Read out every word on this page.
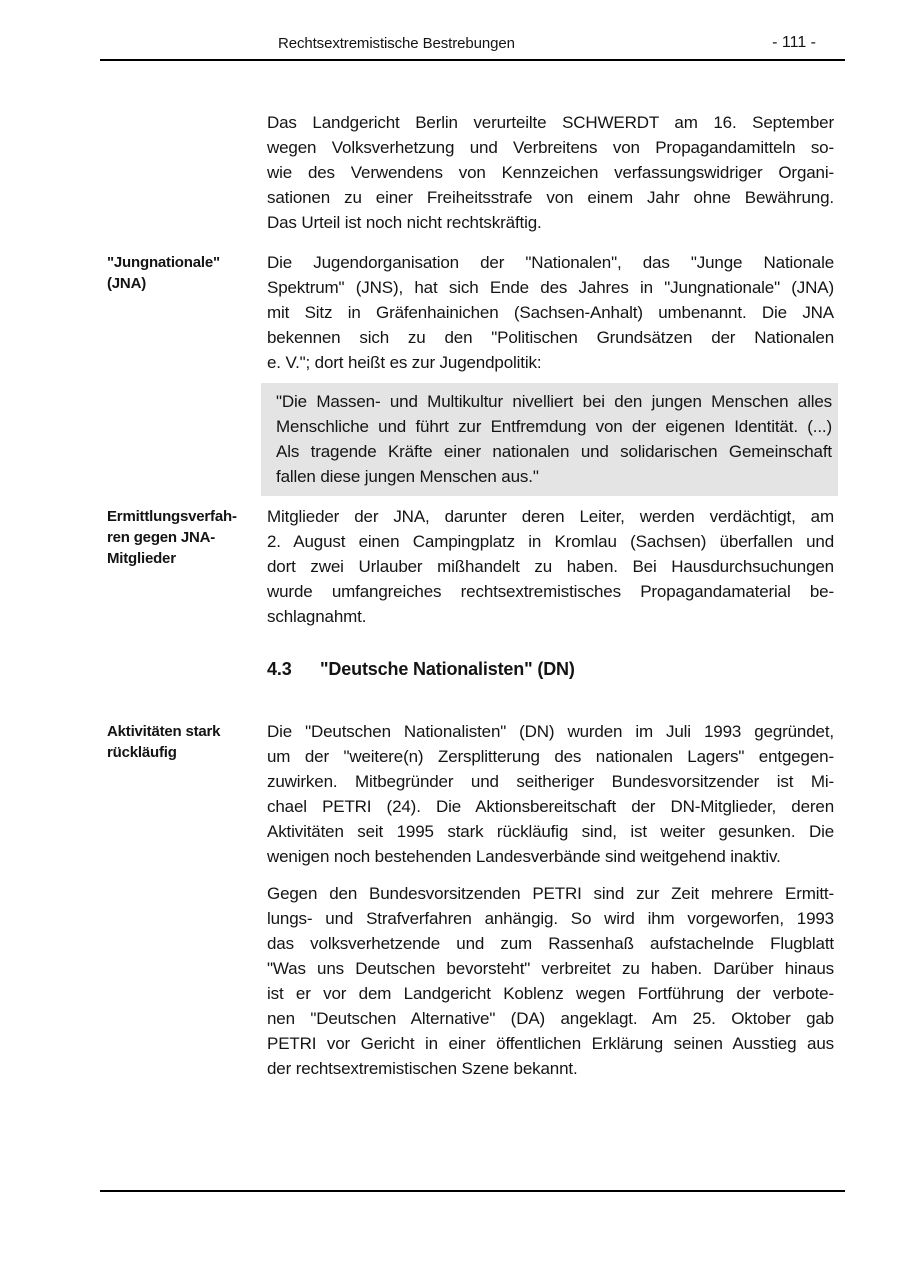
Rechtsextremistische Bestrebungen	- 111 -
Das Landgericht Berlin verurteilte SCHWERDT am 16. September
wegen Volksverhetzung und Verbreitens von Propagandamitteln so-
wie des Verwendens von Kennzeichen verfassungswidriger Organi-
sationen zu einer Freiheitsstrafe von einem Jahr ohne Bewährung.
Das Urteil ist noch nicht rechtskräftig.
"Jungnationale"
(JNA)
Die Jugendorganisation der "Nationalen", das "Junge Nationale
Spektrum" (JNS), hat sich Ende des Jahres in "Jungnationale" (JNA)
mit Sitz in Gräfenhainichen (Sachsen-Anhalt) umbenannt. Die JNA
bekennen sich zu den "Politischen Grundsätzen der Nationalen
e. V."; dort heißt es zur Jugendpolitik:
"Die Massen- und Multikultur nivelliert bei den jungen Menschen alles
Menschliche und führt zur Entfremdung von der eigenen Identität. (...)
Als tragende Kräfte einer nationalen und solidarischen Gemeinschaft
fallen diese jungen Menschen aus."
Ermittlungsverfah-
ren gegen JNA-
Mitglieder
Mitglieder der JNA, darunter deren Leiter, werden verdächtigt, am
2. August einen Campingplatz in Kromlau (Sachsen) überfallen und
dort zwei Urlauber mißhandelt zu haben. Bei Hausdurchsuchungen
wurde umfangreiches rechtsextremistisches Propagandamaterial be-
schlagnahmt.
4.3 "Deutsche Nationalisten" (DN)
Aktivitäten stark
rückläufig
Die "Deutschen Nationalisten" (DN) wurden im Juli 1993 gegründet,
um der "weitere(n) Zersplitterung des nationalen Lagers" entgegen-
zuwirken. Mitbegründer und seitheriger Bundesvorsitzender ist Mi-
chael PETRI (24). Die Aktionsbereitschaft der DN-Mitglieder, deren
Aktivitäten seit 1995 stark rückläufig sind, ist weiter gesunken. Die
wenigen noch bestehenden Landesverbände sind weitgehend inaktiv.
Gegen den Bundesvorsitzenden PETRI sind zur Zeit mehrere Ermitt-
lungs- und Strafverfahren anhängig. So wird ihm vorgeworfen, 1993
das volksverhetzende und zum Rassenhaß aufstachelnde Flugblatt
"Was uns Deutschen bevorsteht" verbreitet zu haben. Darüber hinaus
ist er vor dem Landgericht Koblenz wegen Fortführung der verbote-
nen "Deutschen Alternative" (DA) angeklagt. Am 25. Oktober gab
PETRI vor Gericht in einer öffentlichen Erklärung seinen Ausstieg aus
der rechtsextremistischen Szene bekannt.
